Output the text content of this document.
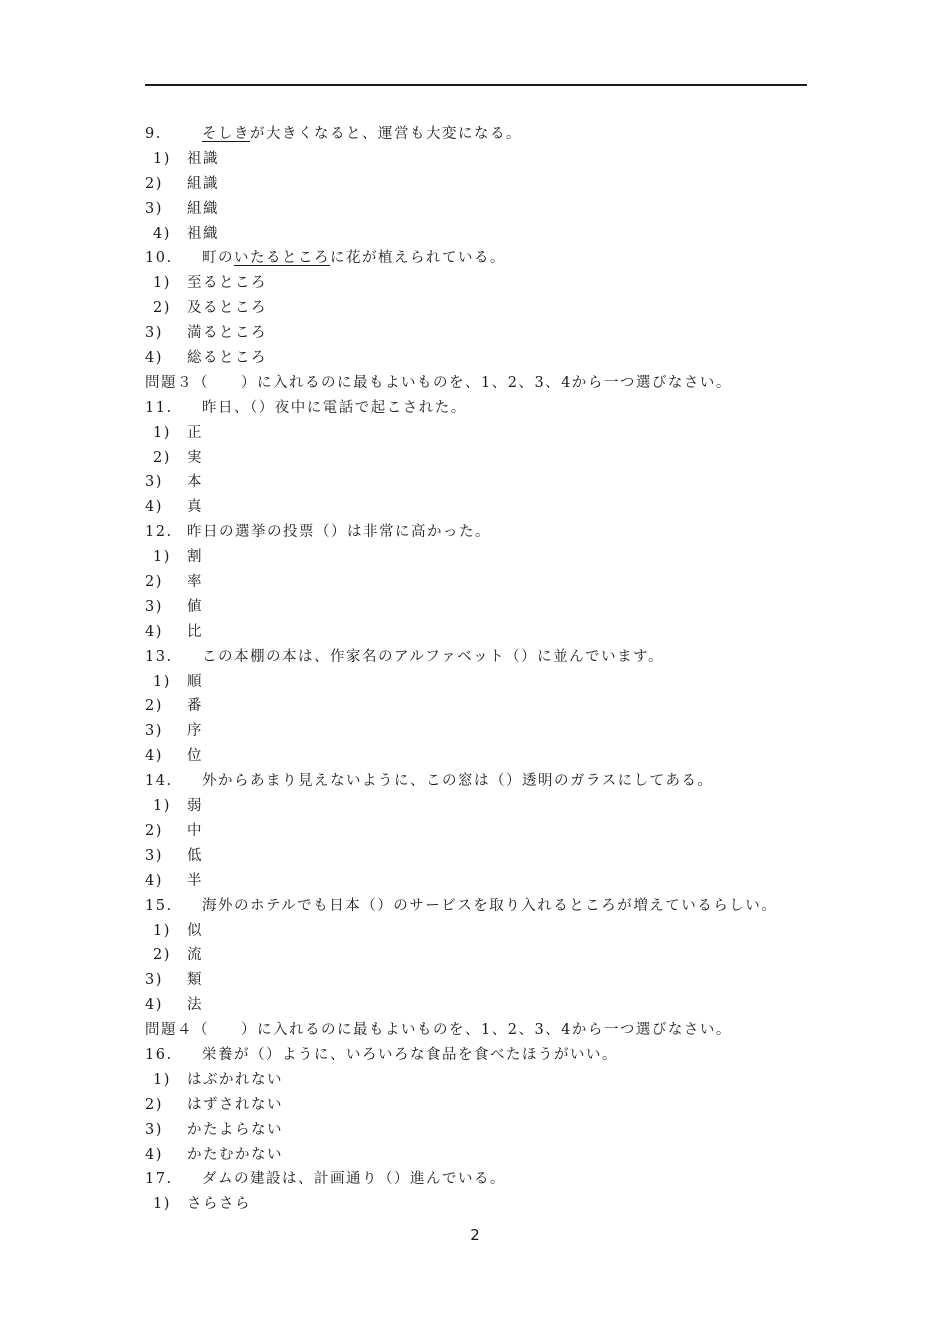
9.	そしきが大きくなると、運営も大変になる。
1) 祖識
2) 組識
3) 組織
4) 祖織
10. 町のいたるところに花が植えられている。
1) 至るところ
2) 及るところ
3) 満るところ
4) 総るところ
問題３（　　）に入れるのに最もよいものを、1、2、3、4から一つ選びなさい。
11. 昨日、（）夜中に電話で起こされた。
1) 正
2) 実
3) 本
4) 真
12. 昨日の選挙の投票（）は非常に高かった。
1) 割
2) 率
3) 値
4) 比
13. この本棚の本は、作家名のアルファベット（）に並んでいます。
1) 順
2) 番
3) 序
4) 位
14. 外からあまり見えないように、この窓は（）透明のガラスにしてある。
1) 弱
2) 中
3) 低
4) 半
15. 海外のホテルでも日本（）のサービスを取り入れるところが増えているらしい。
1) 似
2) 流
3) 類
4) 法
問題４（　　）に入れるのに最もよいものを、1、2、3、4から一つ選びなさい。
16. 栄養が（）ように、いろいろな食品を食べたほうがいい。
1) はぶかれない
2) はずされない
3) かたよらない
4) かたむかない
17. ダムの建設は、計画通り（）進んでいる。
1) さらさら
2
